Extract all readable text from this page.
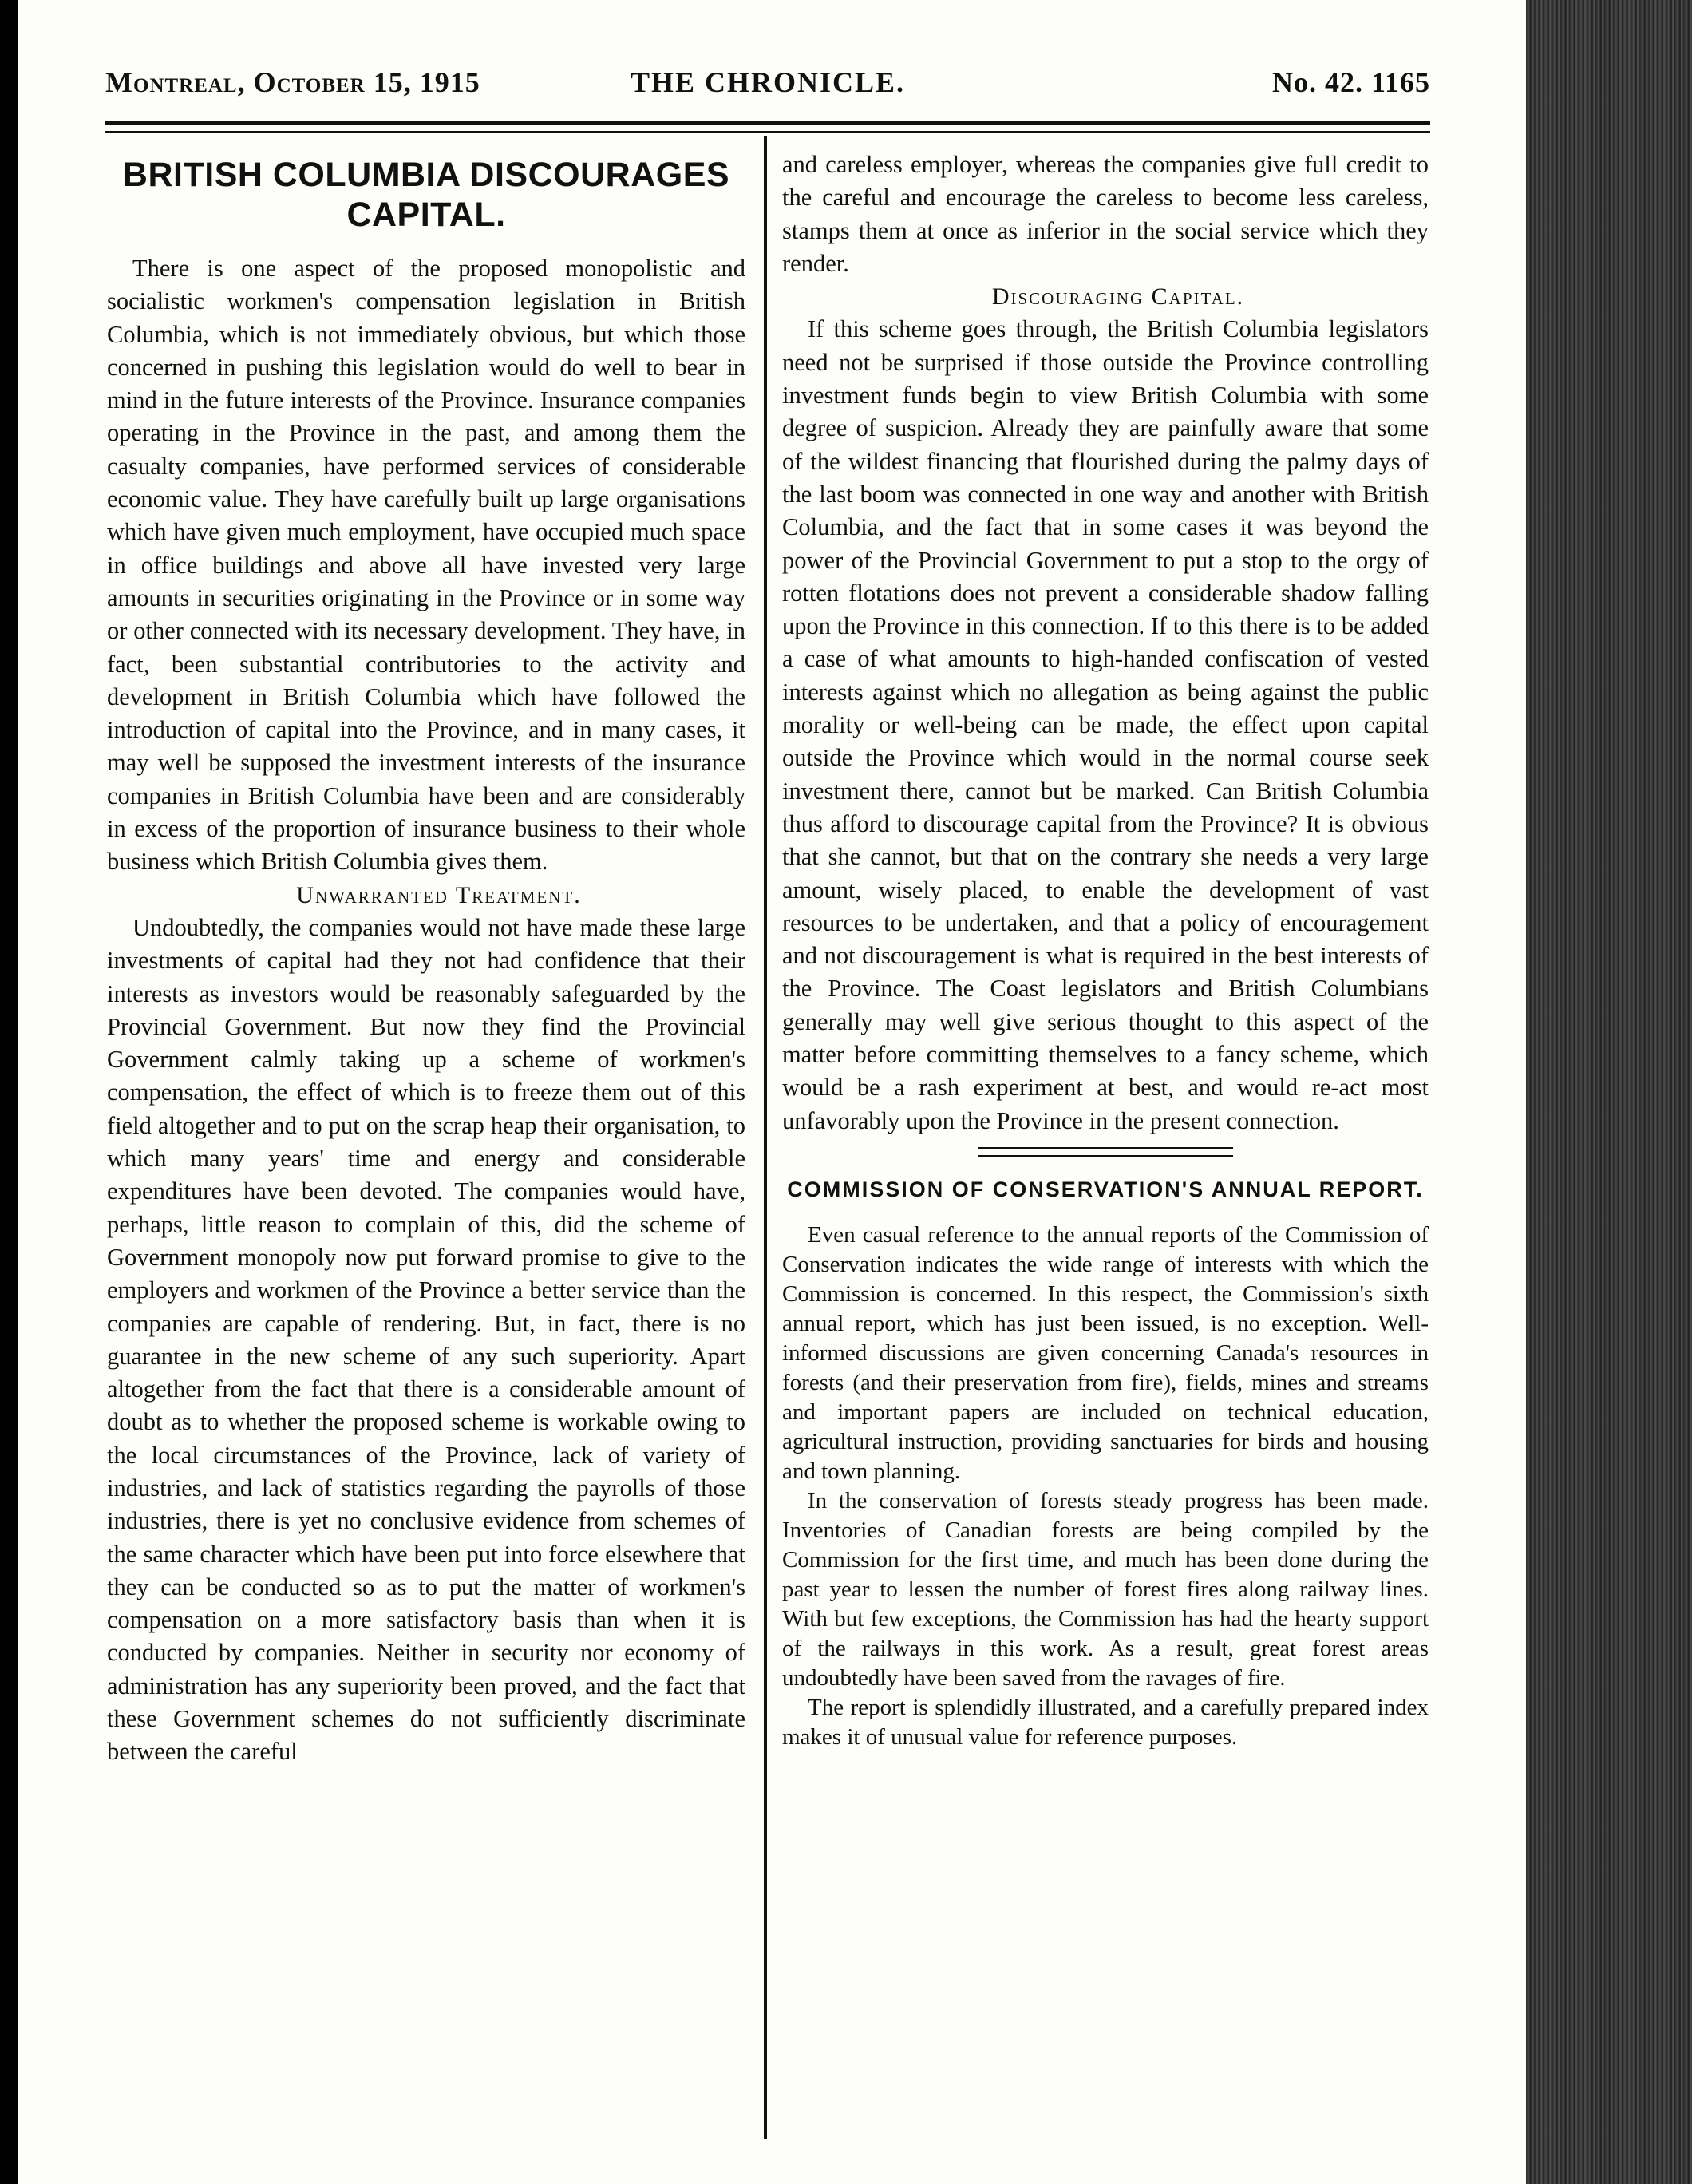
Montreal, October 15, 1915	THE CHRONICLE.	No. 42. 1165
BRITISH COLUMBIA DISCOURAGES CAPITAL.

There is one aspect of the proposed monopolistic and socialistic workmen's compensation legislation in British Columbia, which is not immediately obvious, but which those concerned in pushing this legislation would do well to bear in mind in the future interests of the Province. Insurance companies operating in the Province in the past, and among them the casualty companies, have performed services of considerable economic value. They have carefully built up large organisations which have given much employment, have occupied much space in office buildings and above all have invested very large amounts in securities originating in the Province or in some way or other connected with its necessary development. They have, in fact, been substantial contributories to the activity and development in British Columbia which have followed the introduction of capital into the Province, and in many cases, it may well be supposed the investment interests of the insurance companies in British Columbia have been and are considerably in excess of the proportion of insurance business to their whole business which British Columbia gives them.

Unwarranted Treatment.

Undoubtedly, the companies would not have made these large investments of capital had they not had confidence that their interests as investors would be reasonably safeguarded by the Provincial Government. But now they find the Provincial Government calmly taking up a scheme of workmen's compensation, the effect of which is to freeze them out of this field altogether and to put on the scrap heap their organisation, to which many years' time and energy and considerable expenditures have been devoted. The companies would have, perhaps, little reason to complain of this, did the scheme of Government monopoly now put forward promise to give to the employers and workmen of the Province a better service than the companies are capable of rendering. But, in fact, there is no guarantee in the new scheme of any such superiority. Apart altogether from the fact that there is a considerable amount of doubt as to whether the proposed scheme is workable owing to the local circumstances of the Province, lack of variety of industries, and lack of statistics regarding the payrolls of those industries, there is yet no conclusive evidence from schemes of the same character which have been put into force elsewhere that they can be conducted so as to put the matter of workmen's compensation on a more satisfactory basis than when it is conducted by companies. Neither in security nor economy of administration has any superiority been proved, and the fact that these Government schemes do not sufficiently discriminate between the careful

and careless employer, whereas the companies give full credit to the careful and encourage the careless to become less careless, stamps them at once as inferior in the social service which they render.

Discouraging Capital.

If this scheme goes through, the British Columbia legislators need not be surprised if those outside the Province controlling investment funds begin to view British Columbia with some degree of suspicion. Already they are painfully aware that some of the wildest financing that flourished during the palmy days of the last boom was connected in one way and another with British Columbia, and the fact that in some cases it was beyond the power of the Provincial Government to put a stop to the orgy of rotten flotations does not prevent a considerable shadow falling upon the Province in this connection. If to this there is to be added a case of what amounts to high-handed confiscation of vested interests against which no allegation as being against the public morality or well-being can be made, the effect upon capital outside the Province which would in the normal course seek investment there, cannot but be marked. Can British Columbia thus afford to discourage capital from the Province? It is obvious that she cannot, but that on the contrary she needs a very large amount, wisely placed, to enable the development of vast resources to be undertaken, and that a policy of encouragement and not discouragement is what is required in the best interests of the Province. The Coast legislators and British Columbians generally may well give serious thought to this aspect of the matter before committing themselves to a fancy scheme, which would be a rash experiment at best, and would re-act most unfavorably upon the Province in the present connection.

COMMISSION OF CONSERVATION'S ANNUAL REPORT.

Even casual reference to the annual reports of the Commission of Conservation indicates the wide range of interests with which the Commission is concerned. In this respect, the Commission's sixth annual report, which has just been issued, is no exception. Well-informed discussions are given concerning Canada's resources in forests (and their preservation from fire), fields, mines and streams and important papers are included on technical education, agricultural instruction, providing sanctuaries for birds and housing and town planning.

In the conservation of forests steady progress has been made. Inventories of Canadian forests are being compiled by the Commission for the first time, and much has been done during the past year to lessen the number of forest fires along railway lines. With but few exceptions, the Commission has had the hearty support of the railways in this work. As a result, great forest areas undoubtedly have been saved from the ravages of fire.

The report is splendidly illustrated, and a carefully prepared index makes it of unusual value for reference purposes.
